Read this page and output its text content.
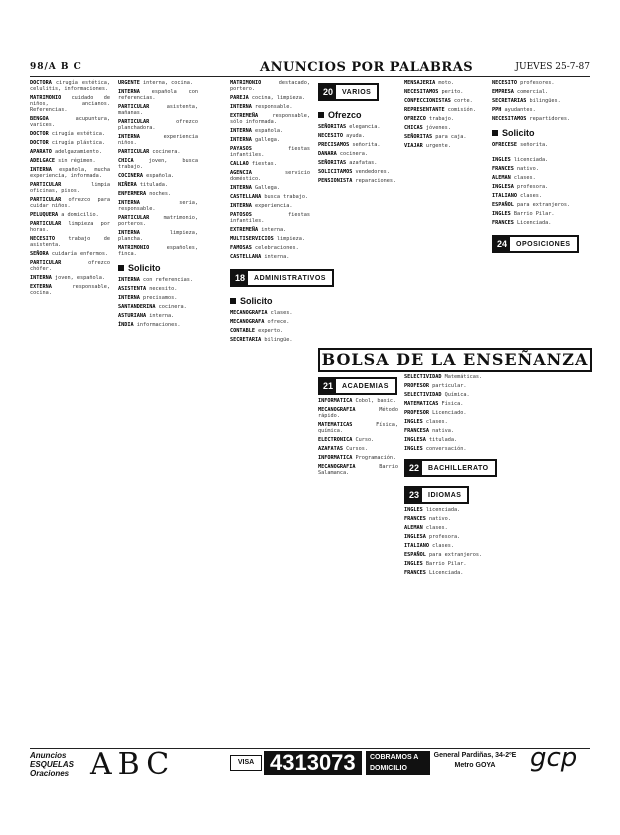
98/A B C	ANUNCIOS POR PALABRAS	JUEVES 25-7-87
DOCTORA cirugía estética, celulitis, informaciones.
MATRIMONIO cuidado de niños, ancianos. Referencias.
BENGOA acupuntura, varices.
DOCTOR cirugía estética.
DOCTOR cirugía plástica.
APARATO adelgazamiento.
ADELGACE sin régimen.
INTERNA española, mucha experiencia, informada.
PARTICULAR limpia oficinas, pisos.
PARTICULAR ofrezco para cuidar niños.
PELUQUERA a domicilio.
PARTICULAR limpieza por horas.
NECESITO trabajo de asistenta.
SEÑORA cuidaría enfermos.
PARTICULAR ofrezco chófer.
INTERNA joven, española.
EXTERNA responsable, cocina.
URGENTE interna, cocina.
INTERNA española con referencias.
PARTICULAR asistenta, mañanas.
PARTICULAR ofrezco planchadora.
INTERNA experiencia niños.
PARTICULAR cocinera.
CHICA joven, busca trabajo.
COCINERA española.
NIÑERA titulada.
ENFERMERA noches.
INTERNA seria, responsable.
PARTICULAR matrimonio, porteros.
INTERNA limpieza, plancha.
MATRIMONIO españoles, finca.
Solicito
INTERNA con referencias.
ASISTENTA necesito.
INTERNA precisamos.
SANTANDERINA cocinera.
ASTURIANA interna.
ÍNDIA informaciones.
MATRIMONIO destacado, portero.
PAREJA cocina, limpieza.
INTERNA responsable.
EXTREMEÑA responsable, sólo informada.
INTERNA española.
INTERNA gallega.
PAYASOS fiestas infantiles.
CALLAO fiestas.
AGENCIA servicio doméstico.
INTERNA Gallega.
CASTELLANA busca trabajo.
INTERNA experiencia.
PATOSOS fiestas infantiles.
EXTREMEÑA interna.
MULTISERVICIOS limpieza.
FAMOSAS celebraciones.
CASTELLANA interna.
18	ADMINISTRATIVOS
Solicito
MECANOGRAFIA clases.
MECANOGRAFA ofrece.
CONTABLE experto.
SECRETARIA bilingüe.
20	VARIOS
Ofrezco
SEÑORITAS elegancia.
NECESITO ayuda.
PRECISAMOS señorita.
DANARA cocinera.
SEÑORITAS azafatas.
SOLICITAMOS vendedores.
PENSIONISTA reparaciones.
MENSAJERIA moto.
NECESITAMOS perito.
CONFECCIONISTAS corte.
REPRESENTANTE comisión.
OFREZCO trabajo.
CHICAS jóvenes.
SEÑORITAS para caja.
VIAJAR urgente.
NECESITO profesores.
EMPRESA comercial.
SECRETARIAS bilingües.
PPH ayudantes.
NECESITAMOS repartidores.
Solicito
OFRECESE señorita.
INGLES licenciada.
FRANCES nativo.
ALEMAN clases.
INGLESA profesora.
ITALIANO clases.
ESPAÑOL para extranjeros.
INGLES Barrio Pilar.
FRANCES Licenciada.
24	OPOSICIONES
BOLSA DE LA ENSEÑANZA
21	ACADEMIAS
INFORMATICA Cobol, basic.
MECANOGRAFIA Método rápido.
MATEMATICAS Física, química.
ELECTRONICA Curso.
AZAFATAS Cursos.
INFORMATICA Programación.
MECANOGRAFIA Barrio Salamanca.
SELECTIVIDAD Matemáticas.
PROFESOR particular.
SELECTIVIDAD Química.
MATEMATICAS Física.
PROFESOR Licenciado.
INGLES clases.
FRANCESA nativa.
INGLESA titulada.
INGLES conversación.
22	BACHILLERATO

23	IDIOMAS
INGLES licenciada.
FRANCES nativo.
ALEMAN clases.
INGLESA profesora.
ITALIANO clases.
ESPAÑOL para extranjeros.
INGLES Barrio Pilar.
FRANCES Licenciada.
Anuncios ESQUELAS Oraciones ABC	VISA 4313073	COBRAMOS A DOMICILIO
General Pardiñas, 34-2ºE Metro GOYA	gcp
